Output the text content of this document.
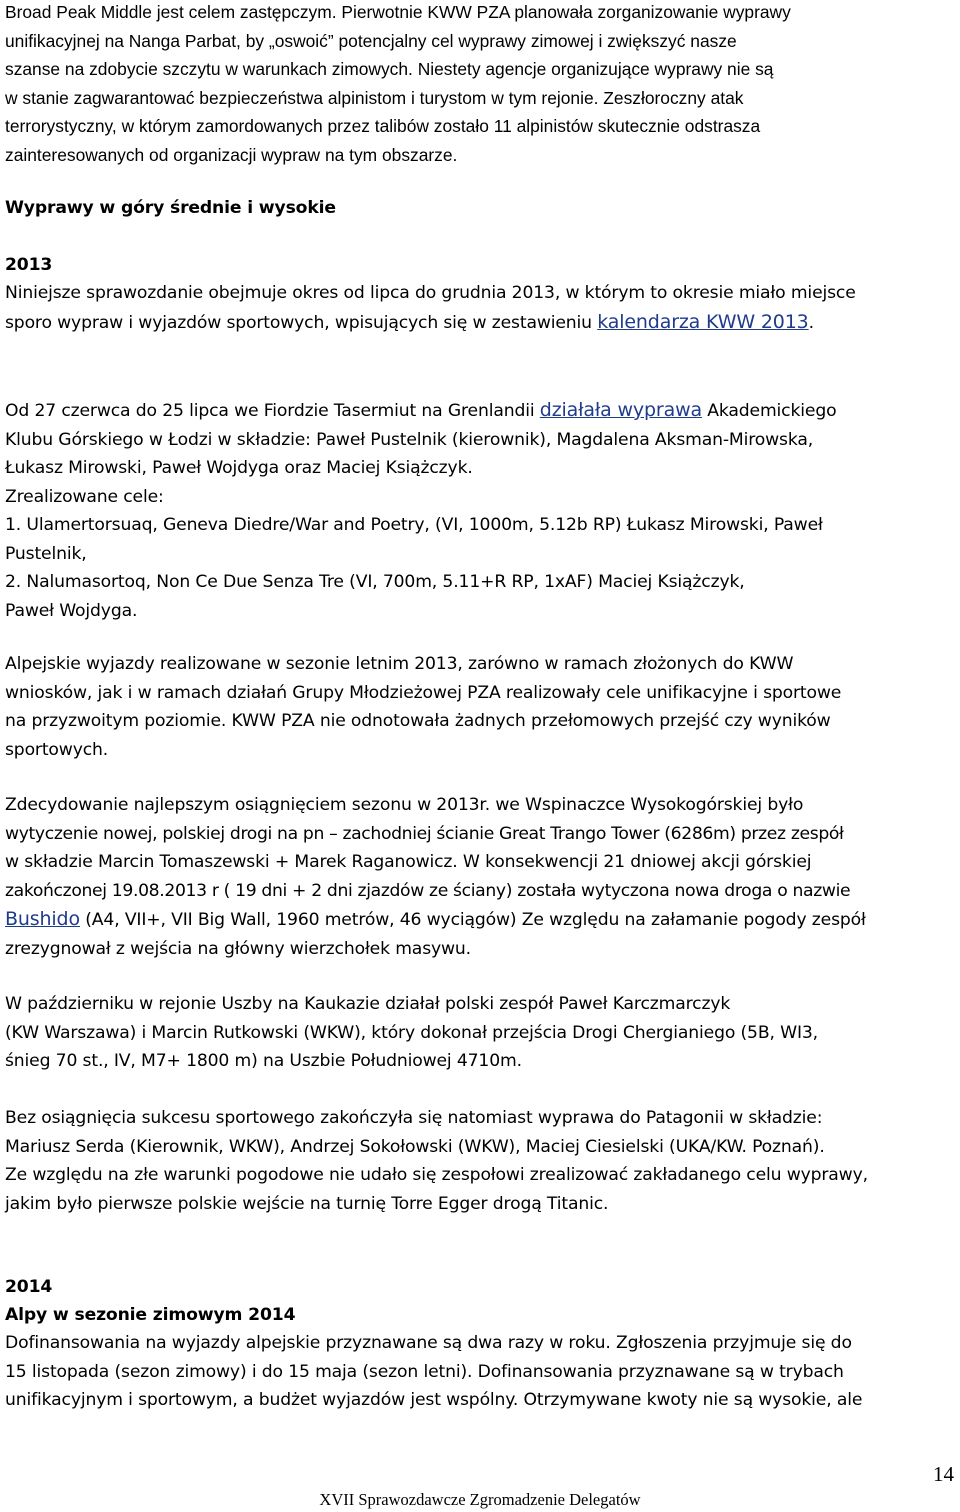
Broad Peak Middle jest celem zastępczym. Pierwotnie KWW PZA planowała zorganizowanie wyprawy
unifikacyjnej na Nanga Parbat, by „oswoić” potencjalny cel wyprawy zimowej i zwiększyć nasze
szanse na zdobycie szczytu w warunkach zimowych. Niestety agencje organizujące wyprawy nie są
w stanie zagwarantować bezpieczeństwa alpinistom i turystom w tym rejonie. Zeszłoroczny atak
terrorystyczny, w którym zamordowanych przez talibów zostało 11 alpinistów skutecznie odstrasza
zainteresowanych od organizacji wypraw na tym obszarze.
Wyprawy w góry średnie i wysokie
2013
Niniejsze sprawozdanie obejmuje okres od lipca do grudnia 2013, w którym to okresie miało miejsce
sporo wypraw i wyjazdów sportowych, wpisujących się w zestawieniu kalendarza KWW 2013.
Od 27 czerwca do 25 lipca we Fiordzie Tasermiut na Grenlandii działała wyprawa Akademickiego
Klubu Górskiego w Łodzi w składzie: Paweł Pustelnik (kierownik), Magdalena Aksman-Mirowska,
Łukasz Mirowski, Paweł Wojdyga oraz Maciej Książczyk.
Zrealizowane cele:
1. Ulamertorsuaq, Geneva Diedre/War and Poetry, (VI, 1000m, 5.12b RP) Łukasz Mirowski, Paweł
Pustelnik,
2. Nalumasortoq, Non Ce Due Senza Tre (VI, 700m, 5.11+R RP, 1xAF) Maciej Książczyk,
Paweł Wojdyga.
Alpejskie wyjazdy realizowane w sezonie letnim 2013, zarówno w ramach złożonych do KWW
wniosków, jak i w ramach działań Grupy Młodzieżowej PZA realizowały cele unifikacyjne i sportowe
na przyzwoitym poziomie. KWW PZA nie odnotowała żadnych przełomowych przejść czy wyników
sportowych.
Zdecydowanie najlepszym osiągnięciem sezonu w 2013r. we Wspinaczce Wysokogórskiej było
wytyczenie nowej, polskiej drogi na pn – zachodniej ścianie Great Trango Tower (6286m) przez zespół
w składzie Marcin Tomaszewski + Marek Raganowicz. W konsekwencji 21 dniowej akcji górskiej
zakończonej 19.08.2013 r ( 19 dni + 2 dni zjazdów ze ściany) została wytyczona nowa droga o nazwie
Bushido (A4, VII+, VII Big Wall, 1960 metrów, 46 wyciągów) Ze względu na załamanie pogody zespół
zrezygnował z wejścia na główny wierzchołek masywu.
W październiku w rejonie Uszby na Kaukazie działał polski zespół Paweł Karczmarczyk
(KW Warszawa) i Marcin Rutkowski (WKW), który dokonał przejścia Drogi Chergianiego (5B, WI3,
śnieg 70 st., IV, M7+ 1800 m) na Uszbie Południowej 4710m.
Bez osiągnięcia sukcesu sportowego zakończyła się natomiast wyprawa do Patagonii w składzie:
Mariusz Serda (Kierownik, WKW), Andrzej Sokołowski (WKW), Maciej Ciesielski (UKA/KW. Poznań).
Ze względu na złe warunki pogodowe nie udało się zespołowi zrealizować zakładanego celu wyprawy,
jakim było pierwsze polskie wejście na turnię Torre Egger drogą Titanic.
2014
Alpy w sezonie zimowym 2014
Dofinansowania na wyjazdy alpejskie przyznawane są dwa razy w roku. Zgłoszenia przyjmuje się do
15 listopada (sezon zimowy) i do 15 maja (sezon letni). Dofinansowania przyznawane są w trybach
unifikacyjnym i sportowym, a budżet wyjazdów jest wspólny. Otrzymywane kwoty nie są wysokie, ale
14
XVII Sprawozdawcze Zgromadzenie Delegatów
